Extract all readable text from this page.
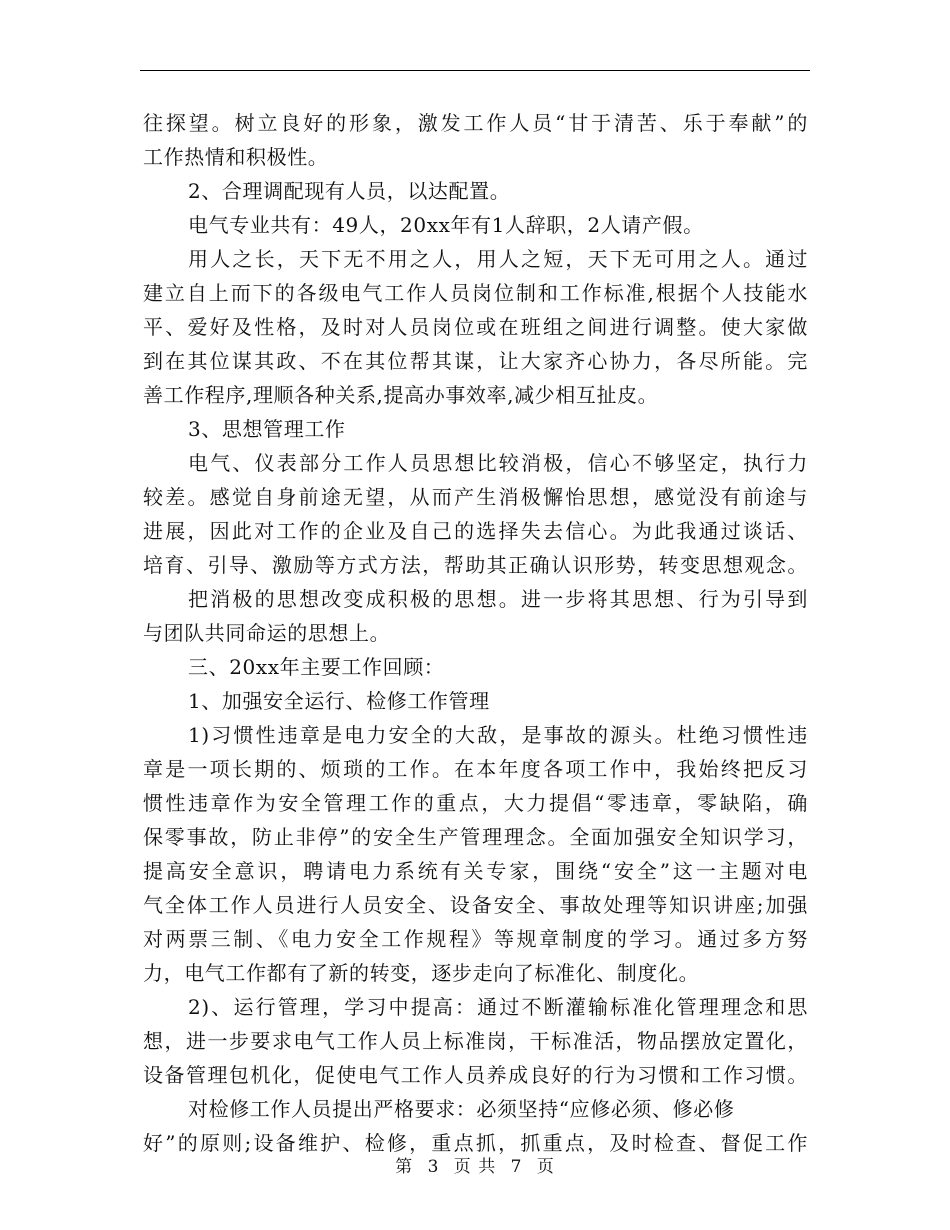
往探望。树立良好的形象，激发工作人员“甘于清苦、乐于奉献”的
工作热情和积极性。
2、合理调配现有人员，以达配置。
电气专业共有：49人，20xx年有1人辞职，2人请产假。
用人之长，天下无不用之人，用人之短，天下无可用之人。通过
建立自上而下的各级电气工作人员岗位制和工作标准,根据个人技能水
平、爱好及性格，及时对人员岗位或在班组之间进行调整。使大家做
到在其位谋其政、不在其位帮其谋，让大家齐心协力，各尽所能。完
善工作程序,理顺各种关系,提高办事效率,减少相互扯皮。
3、思想管理工作
电气、仪表部分工作人员思想比较消极，信心不够坚定，执行力
较差。感觉自身前途无望，从而产生消极懈怡思想，感觉没有前途与
进展，因此对工作的企业及自己的选择失去信心。为此我通过谈话、
培育、引导、激励等方式方法，帮助其正确认识形势，转变思想观念。
把消极的思想改变成积极的思想。进一步将其思想、行为引导到
与团队共同命运的思想上。
三、20xx年主要工作回顾：
1、加强安全运行、检修工作管理
1)习惯性违章是电力安全的大敌，是事故的源头。杜绝习惯性违
章是一项长期的、烦琐的工作。在本年度各项工作中，我始终把反习
惯性违章作为安全管理工作的重点，大力提倡“零违章，零缺陷，确
保零事故，防止非停”的安全生产管理理念。全面加强安全知识学习，
提高安全意识，聘请电力系统有关专家，围绕“安全”这一主题对电
气全体工作人员进行人员安全、设备安全、事故处理等知识讲座;加强
对两票三制、《电力安全工作规程》等规章制度的学习。通过多方努
力，电气工作都有了新的转变，逐步走向了标准化、制度化。
2)、运行管理，学习中提高：通过不断灌输标准化管理理念和思
想，进一步要求电气工作人员上标准岗，干标准活，物品摆放定置化，
设备管理包机化，促使电气工作人员养成良好的行为习惯和工作习惯。
对检修工作人员提出严格要求：必须坚持“应修必须、修必修
好”的原则;设备维护、检修，重点抓，抓重点，及时检查、督促工作
第 3 页 共 7 页
